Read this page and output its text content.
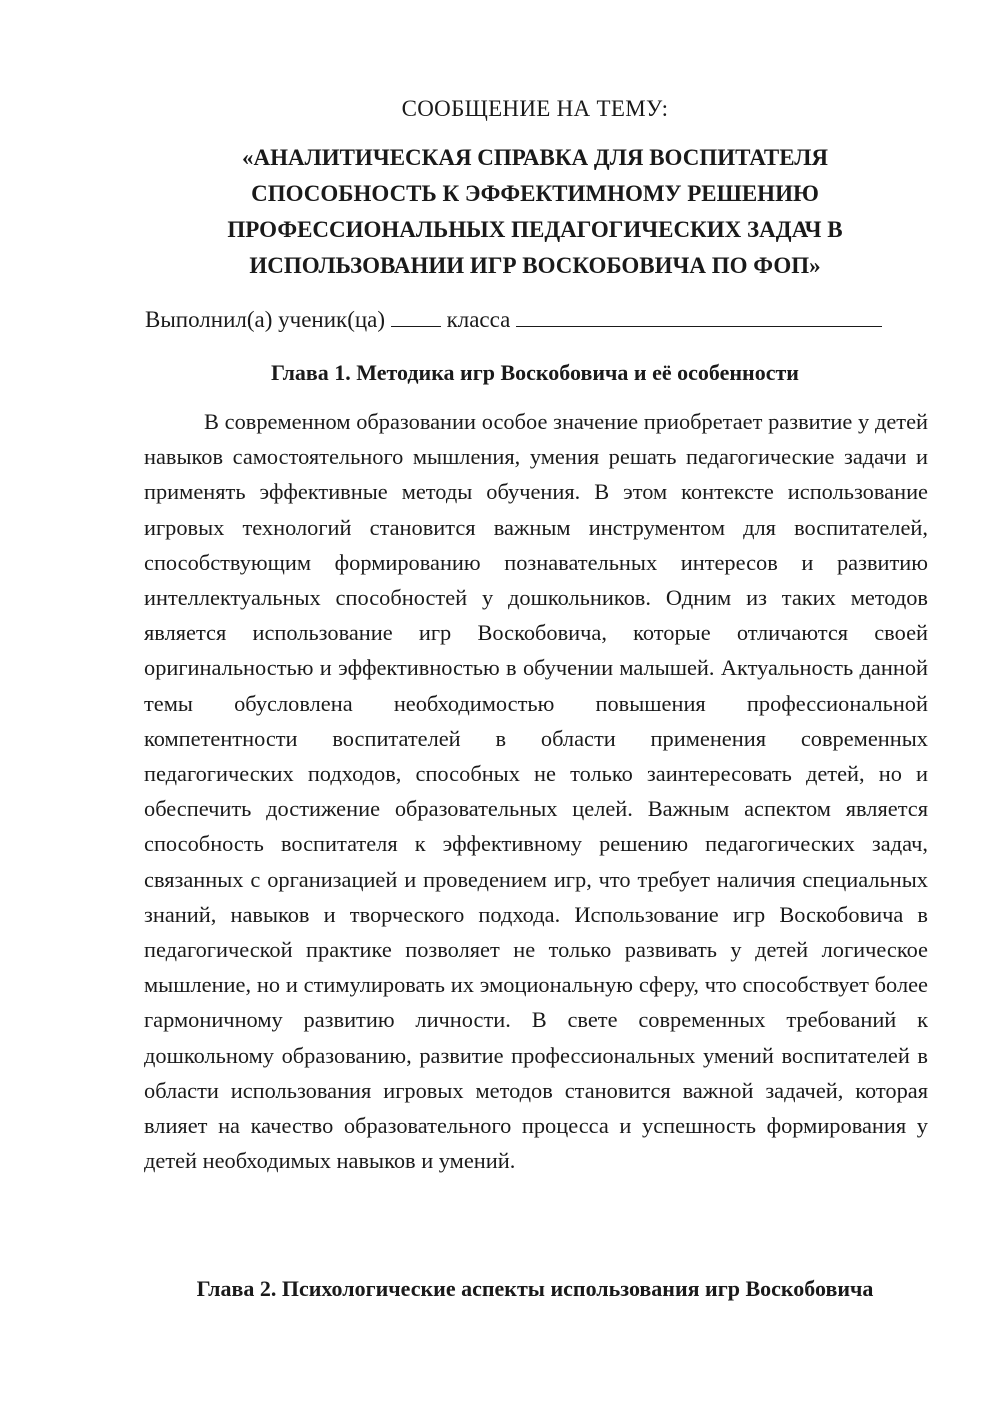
СООБЩЕНИЕ НА ТЕМУ:
«АНАЛИТИЧЕСКАЯ СПРАВКА ДЛЯ ВОСПИТАТЕЛЯ
СПОСОБНОСТЬ К ЭФФЕКТИМНОМУ РЕШЕНИЮ
ПРОФЕССИОНАЛЬНЫХ ПЕДАГОГИЧЕСКИХ ЗАДАЧ В
ИСПОЛЬЗОВАНИИ ИГР ВОСКОБОВИЧА ПО ФОП»
Выполнил(а) ученик(ца)	класса
Глава 1. Методика игр Воскобовича и её особенности

В современном образовании особое значение приобретает развитие у детей навыков самостоятельного мышления, умения решать педагогические задачи и применять эффективные методы обучения. В этом контексте использование игровых технологий становится важным инструментом для воспитателей, способствующим формированию познавательных интересов и развитию интеллектуальных способностей у дошкольников. Одним из таких методов является использование игр Воскобовича, которые отличаются своей оригинальностью и эффективностью в обучении малышей. Актуальность данной темы обусловлена необходимостью повышения профессиональной компетентности воспитателей в области применения современных педагогических подходов, способных не только заинтересовать детей, но и обеспечить достижение образовательных целей. Важным аспектом является способность воспитателя к эффективному решению педагогических задач, связанных с организацией и проведением игр, что требует наличия специальных знаний, навыков и творческого подхода. Использование игр Воскобовича в педагогической практике позволяет не только развивать у детей логическое мышление, но и стимулировать их эмоциональную сферу, что способствует более гармоничному развитию личности. В свете современных требований к дошкольному образованию, развитие профессиональных умений воспитателей в области использования игровых методов становится важной задачей, которая влияет на качество образовательного процесса и успешность формирования у детей необходимых навыков и умений.

Глава 2. Психологические аспекты использования игр Воскобовича
